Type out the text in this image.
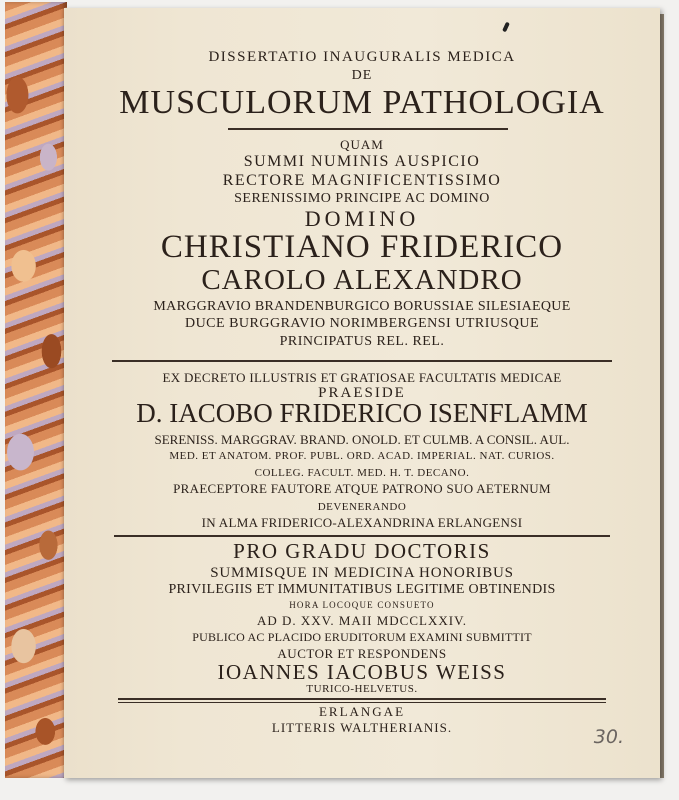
DISSERTATIO INAUGURALIS MEDICA
DE
MUSCULORUM PATHOLOGIA
QUAM
SUMMI NUMINIS AUSPICIO
RECTORE MAGNIFICENTISSIMO
SERENISSIMO PRINCIPE AC DOMINO
DOMINO
CHRISTIANO FRIDERICO
CAROLO ALEXANDRO
MARGGRAVIO BRANDENBURGICO BORUSSIAE SILESIAEQUE
DUCE BURGGRAVIO NORIMBERGENSI UTRIUSQUE
PRINCIPATUS REL. REL.
EX DECRETO ILLUSTRIS ET GRATIOSAE FACULTATIS MEDICAE
PRAESIDE
D. IACOBO FRIDERICO ISENFLAMM
SERENISS. MARGGRAV. BRAND. ONOLD. ET CULMB. A CONSIL. AUL.
MED. ET ANATOM. PROF. PUBL. ORD. ACAD. IMPERIAL. NAT. CURIOS.
COLLEG. FACULT. MED. H. T. DECANO.
PRAECEPTORE FAUTORE ATQUE PATRONO SUO AETERNUM
DEVENERANDO
IN ALMA FRIDERICO-ALEXANDRINA ERLANGENSI
PRO GRADU DOCTORIS
SUMMISQUE IN MEDICINA HONORIBUS
PRIVILEGIIS ET IMMUNITATIBUS LEGITIME OBTINENDIS
HORA LOCOQUE CONSUETO
AD D. XXV. MAII MDCCLXXIV.
PUBLICO AC PLACIDO ERUDITORUM EXAMINI SUBMITTIT
AUCTOR ET RESPONDENS
IOANNES IACOBUS WEISS
TURICO-HELVETUS.
ERLANGAE
LITTERIS WALTHERIANIS.	30.
